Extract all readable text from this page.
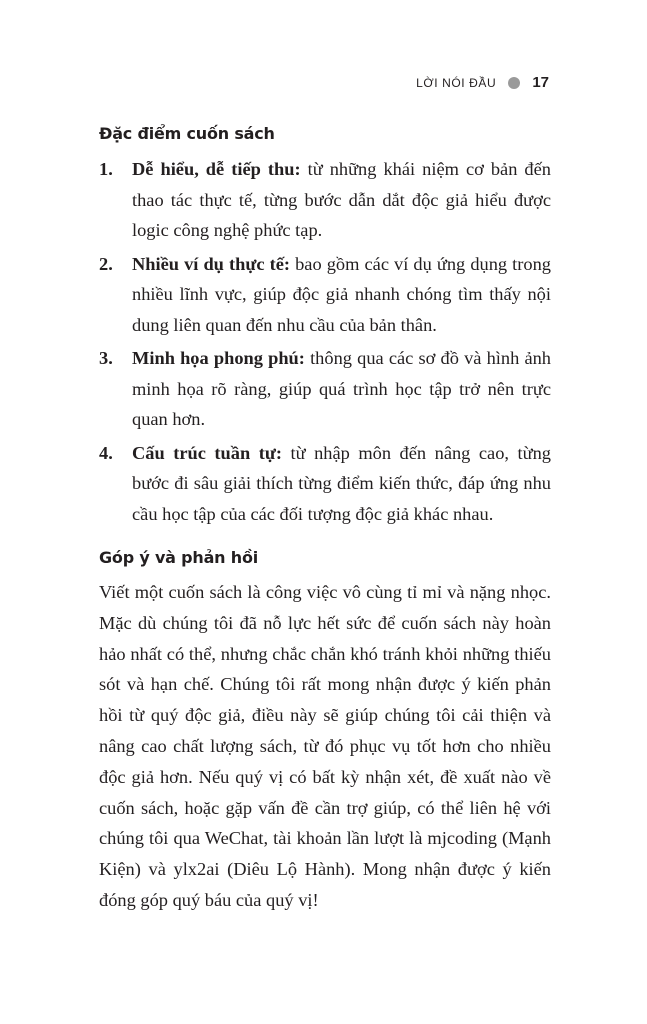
LỜI NÓI ĐẦU 17
Đặc điểm cuốn sách
1. Dễ hiểu, dễ tiếp thu: từ những khái niệm cơ bản đến thao tác thực tế, từng bước dẫn dắt độc giả hiểu được logic công nghệ phức tạp.
2. Nhiều ví dụ thực tế: bao gồm các ví dụ ứng dụng trong nhiều lĩnh vực, giúp độc giả nhanh chóng tìm thấy nội dung liên quan đến nhu cầu của bản thân.
3. Minh họa phong phú: thông qua các sơ đồ và hình ảnh minh họa rõ ràng, giúp quá trình học tập trở nên trực quan hơn.
4. Cấu trúc tuần tự: từ nhập môn đến nâng cao, từng bước đi sâu giải thích từng điểm kiến thức, đáp ứng nhu cầu học tập của các đối tượng độc giả khác nhau.
Góp ý và phản hồi

Viết một cuốn sách là công việc vô cùng tỉ mỉ và nặng nhọc. Mặc dù chúng tôi đã nỗ lực hết sức để cuốn sách này hoàn hảo nhất có thể, nhưng chắc chắn khó tránh khỏi những thiếu sót và hạn chế. Chúng tôi rất mong nhận được ý kiến phản hồi từ quý độc giả, điều này sẽ giúp chúng tôi cải thiện và nâng cao chất lượng sách, từ đó phục vụ tốt hơn cho nhiều độc giả hơn. Nếu quý vị có bất kỳ nhận xét, đề xuất nào về cuốn sách, hoặc gặp vấn đề cần trợ giúp, có thể liên hệ với chúng tôi qua WeChat, tài khoản lần lượt là mjcoding (Mạnh Kiện) và ylx2ai (Diêu Lộ Hành). Mong nhận được ý kiến đóng góp quý báu của quý vị!
